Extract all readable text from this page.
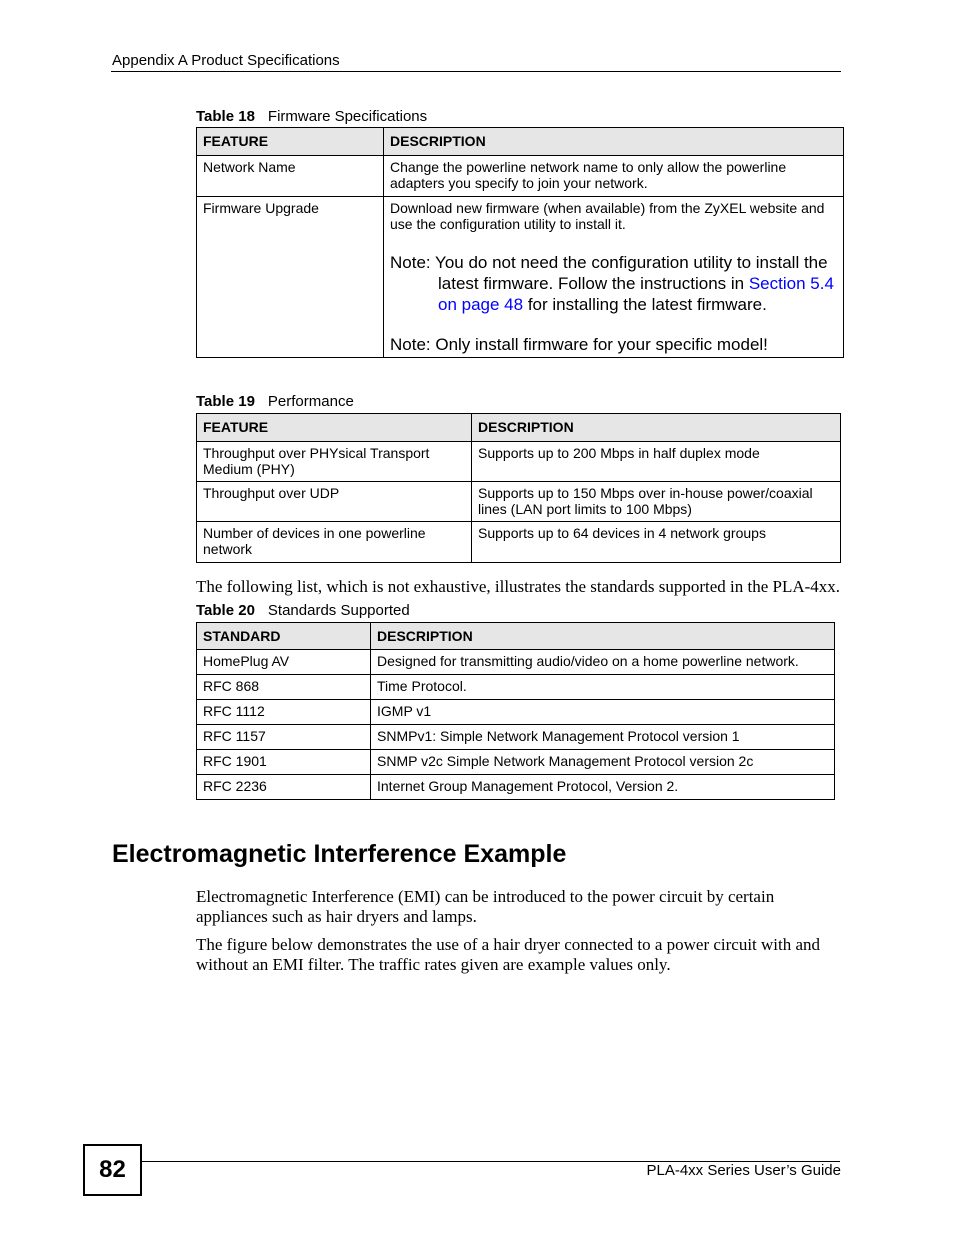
Appendix A Product Specifications
Table 18 Firmware Specifications
FEATURE	DESCRIPTION
Network Name	Change the powerline network name to only allow the powerline adapters you specify to join your network.
Firmware Upgrade	Download new firmware (when available) from the ZyXEL website and use the configuration utility to install it.
Note: You do not need the configuration utility to install the
latest firmware. Follow the instructions in Section 5.4
on page 48 for installing the latest firmware.
Note: Only install firmware for your specific model!
Table 19 Performance
FEATURE	DESCRIPTION
Throughput over PHYsical Transport Medium (PHY)	Supports up to 200 Mbps in half duplex mode
Throughput over UDP	Supports up to 150 Mbps over in-house power/coaxial lines (LAN port limits to 100 Mbps)
Number of devices in one powerline network	Supports up to 64 devices in 4 network groups
The following list, which is not exhaustive, illustrates the standards supported in the PLA-4xx.
Table 20 Standards Supported
STANDARD	DESCRIPTION
HomePlug AV	Designed for transmitting audio/video on a home powerline network.
RFC 868	Time Protocol.
RFC 1112	IGMP v1
RFC 1157	SNMPv1: Simple Network Management Protocol version 1
RFC 1901	SNMP v2c Simple Network Management Protocol version 2c
RFC 2236	Internet Group Management Protocol, Version 2.
Electromagnetic Interference Example
Electromagnetic Interference (EMI) can be introduced to the power circuit by certain appliances such as hair dryers and lamps.
The figure below demonstrates the use of a hair dryer connected to a power circuit with and without an EMI filter. The traffic rates given are example values only.
82	PLA-4xx Series User’s Guide
